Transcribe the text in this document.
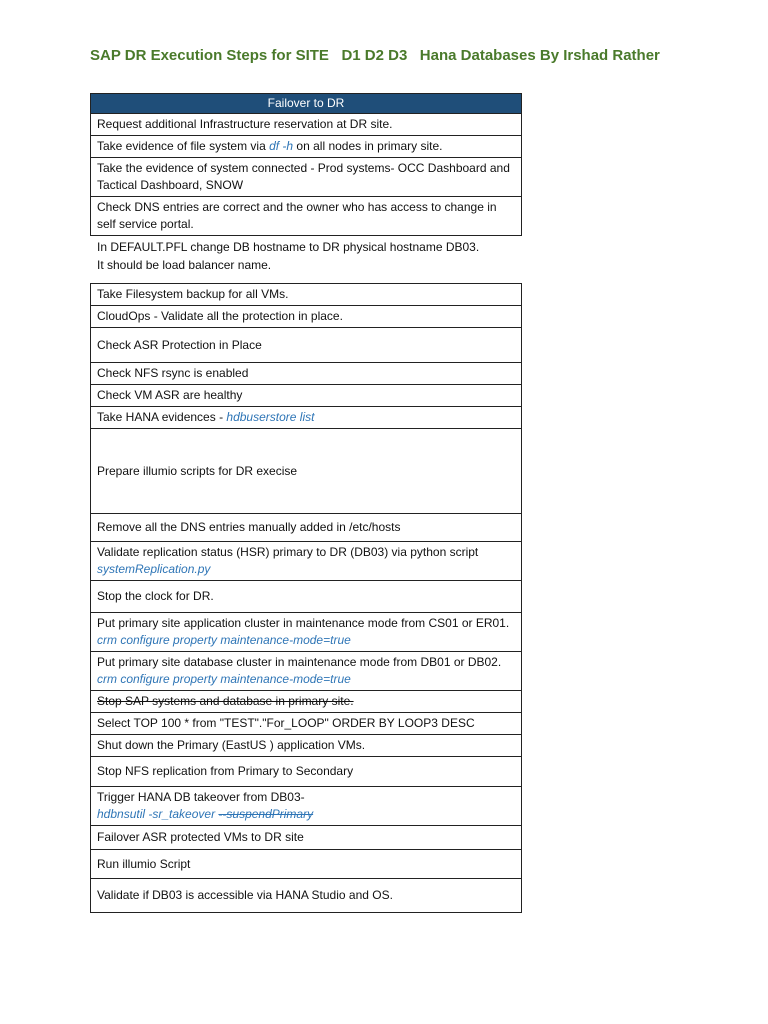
SAP DR Execution Steps for SITE   D1 D2 D3   Hana Databases By Irshad Rather
Failover to DR
Request additional Infrastructure reservation at DR site.
Take evidence of file system via df -h on all nodes in primary site.
Take the evidence of system connected - Prod systems- OCC Dashboard and Tactical Dashboard, SNOW
Check DNS entries are correct and the owner who has access to change in self service portal.
In DEFAULT.PFL change DB hostname to DR physical hostname DB03.
It should be load balancer name.
Take Filesystem backup for all VMs.
CloudOps - Validate all the protection in place.
Check ASR Protection in Place
Check NFS rsync is enabled
Check VM ASR are healthy
Take HANA evidences - hdbuserstore list
Prepare illumio scripts for DR execise
Remove all the DNS entries manually added in /etc/hosts

Validate replication status (HSR) primary to DR (DB03) via python script
systemReplication.py

Stop the clock for DR.

Put primary site application cluster in maintenance mode from CS01 or ER01.
crm configure property maintenance-mode=true

Put primary site database cluster in maintenance mode from DB01 or DB02.
crm configure property maintenance-mode=true

Stop SAP systems and database in primary site.
Select TOP 100 * from "TEST"."For_LOOP" ORDER BY LOOP3 DESC
Shut down the Primary (EastUS ) application VMs.
Stop NFS replication from Primary to Secondary

Trigger HANA DB takeover from DB03-
hdbnsutil -sr_takeover --suspendPrimary

Failover ASR protected VMs to DR site
Run illumio Script
Validate if DB03 is accessible via HANA Studio and OS.
